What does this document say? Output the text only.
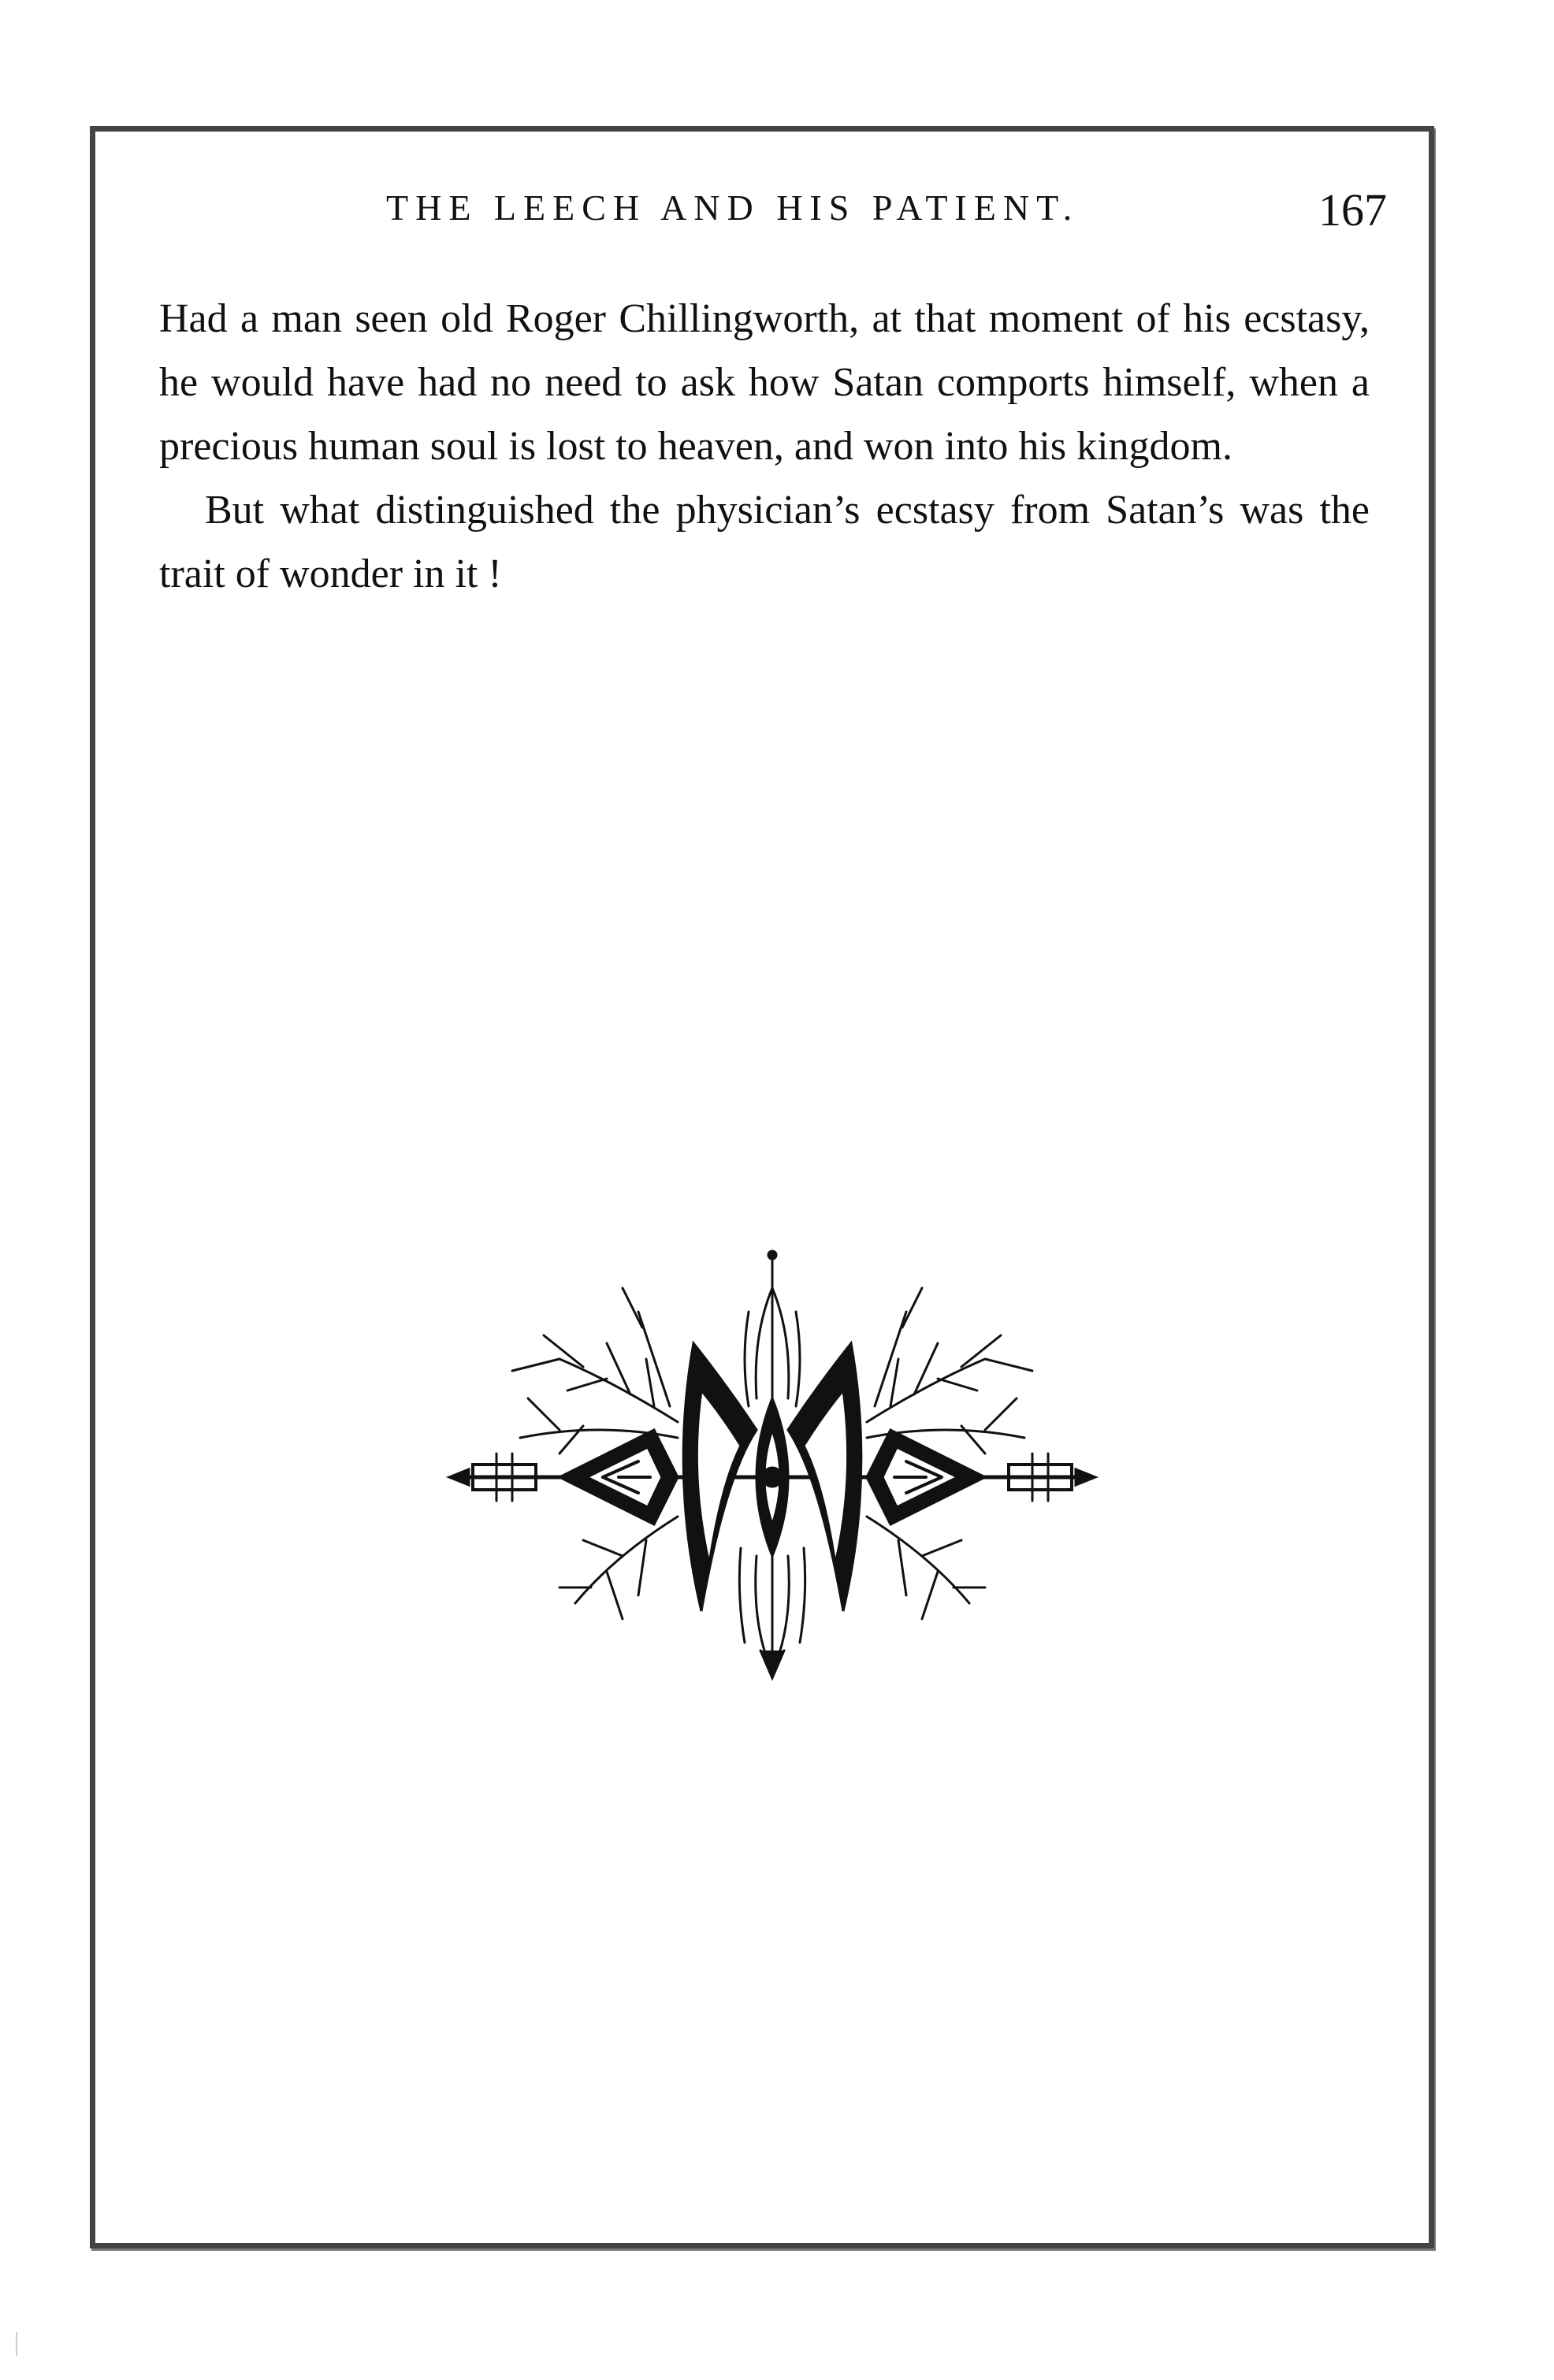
THE LEECH AND HIS PATIENT.	167

Had a man seen old Roger Chillingworth, at that moment of his ecstasy, he would have had no need to ask how Satan comports himself, when a precious human soul is lost to heaven, and won into his kingdom.

But what distinguished the physician’s ecstasy from Satan’s was the trait of wonder in it !
